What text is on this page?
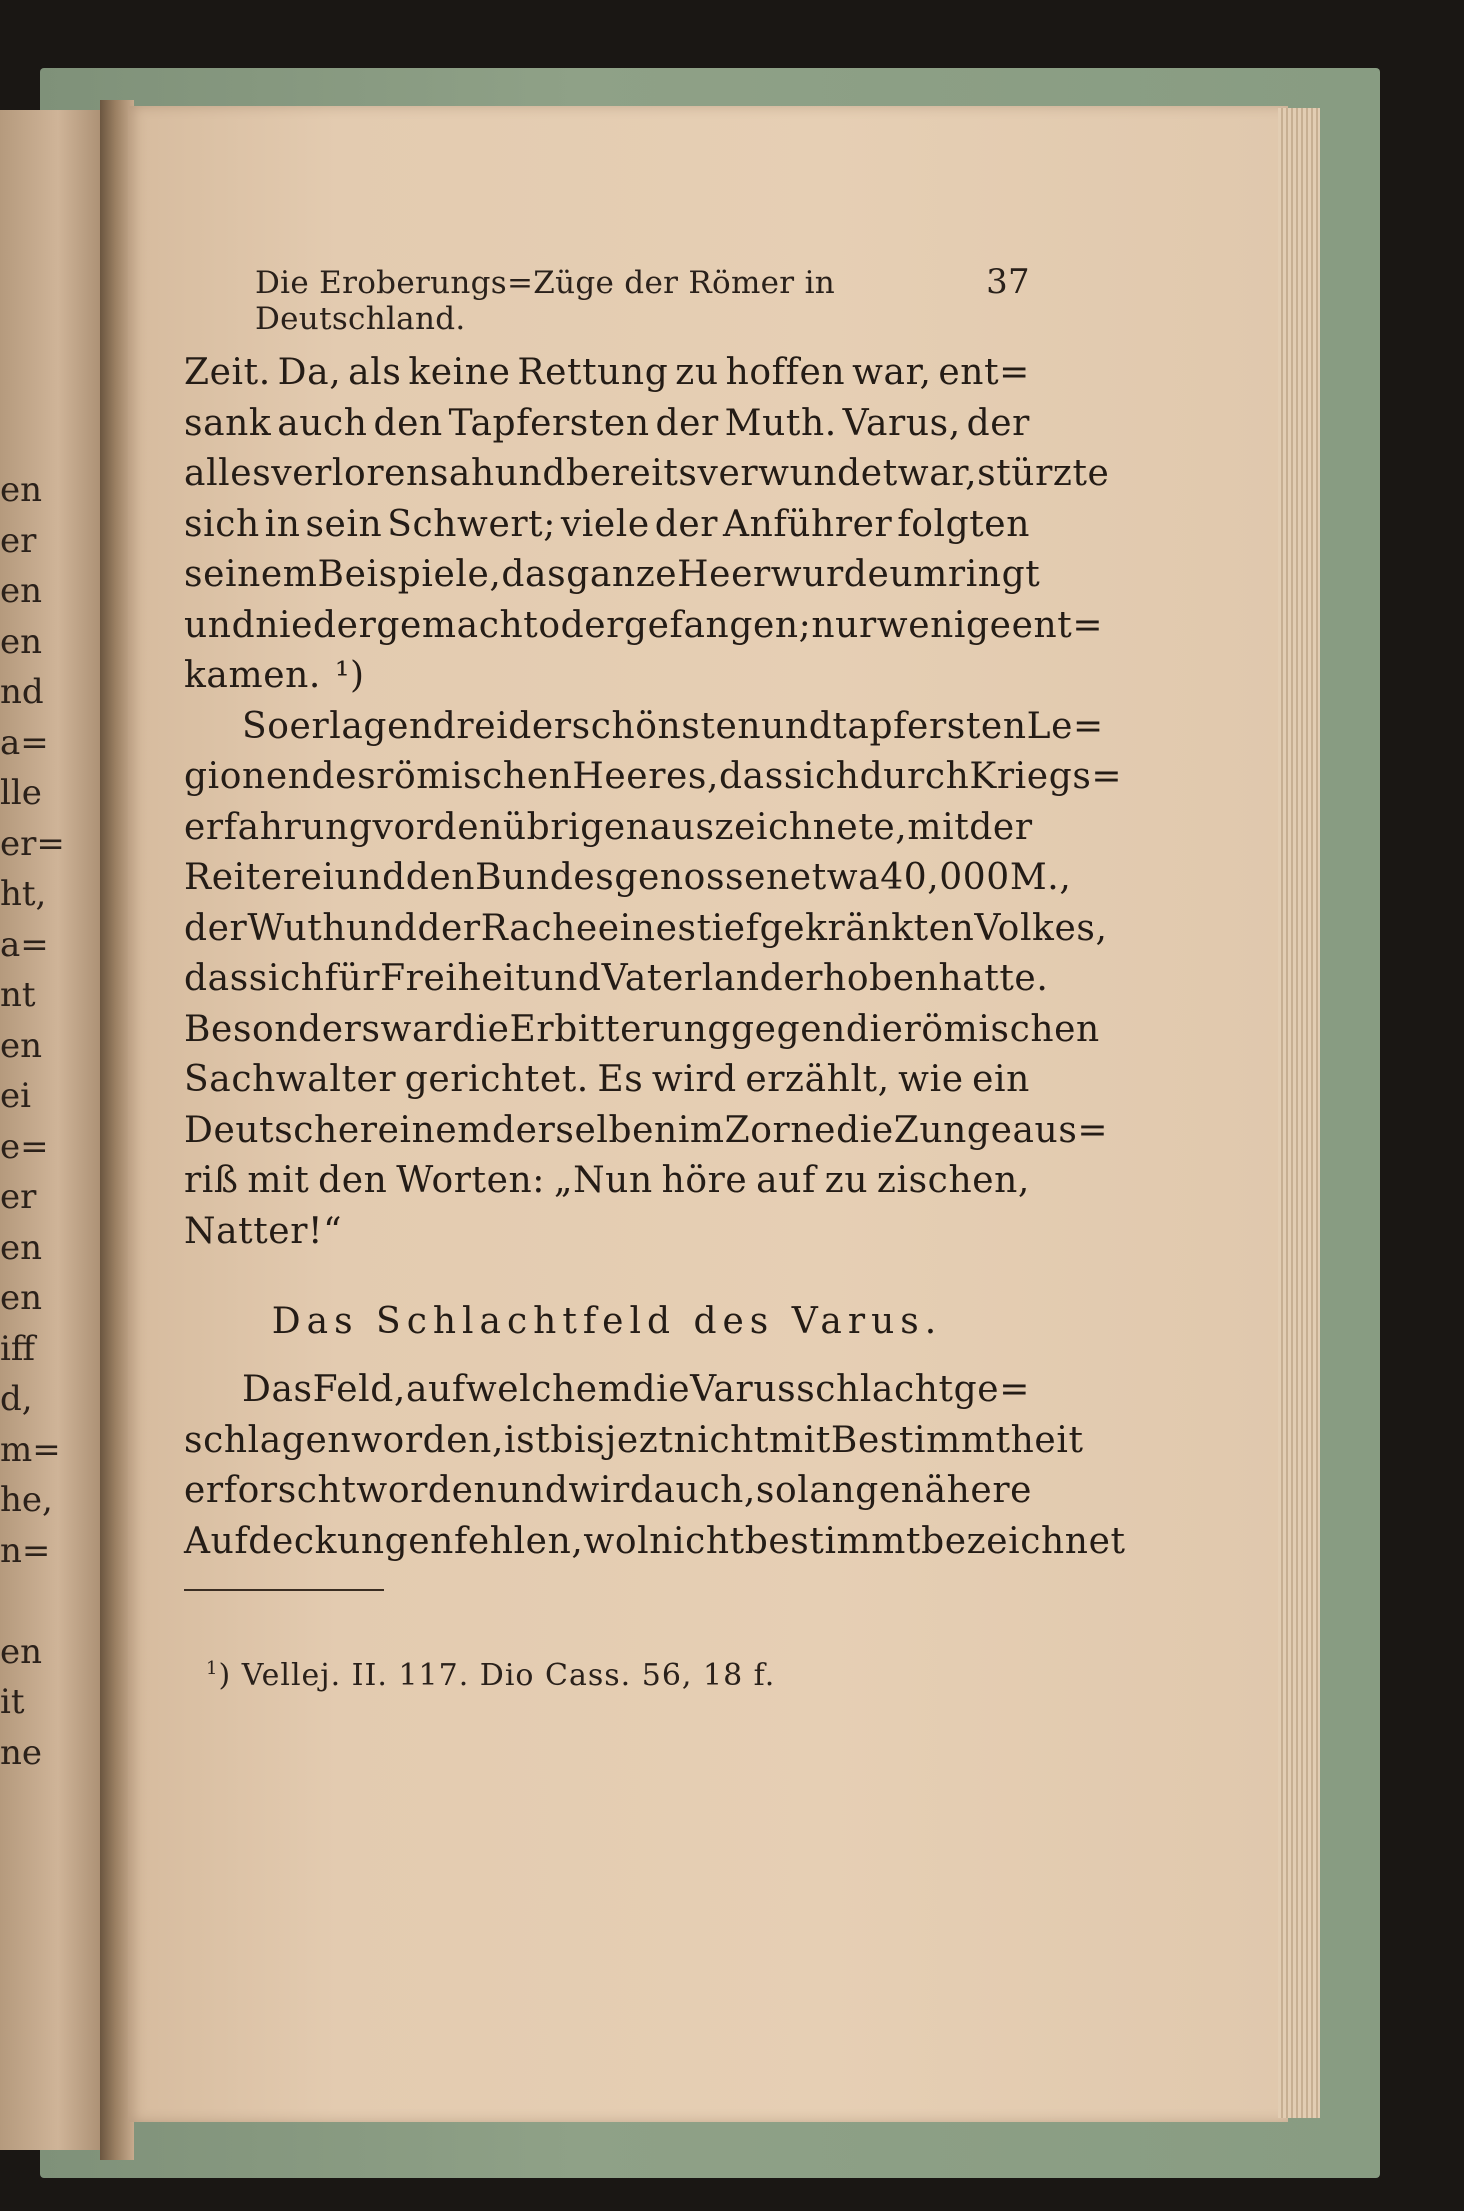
en
er
en
en
nd
a=
lle
er=
ht,
a=
nt
en
ei
e=
er
en
en
iff
d,
m=
he,
n=
en
it
ne
Die Eroberungs=Züge der Römer in Deutschland.
37
Zeit. Da, als keine Rettung zu hoffen war, ent=
sank auch den Tapfersten der Muth. Varus, der
alles verloren sah und bereits verwundet war, stürzte
sich in sein Schwert; viele der Anführer folgten
seinem Beispiele, das ganze Heer wurde umringt
und niedergemacht oder gefangen; nur wenige ent=
kamen. ¹)
So erlagen drei der schönsten und tapfersten Le=
gionen des römischen Heeres, das sich durch Kriegs=
erfahrung vor den übrigen auszeichnete, mit der
Reiterei und den Bundesgenossen etwa 40,000 M.,
der Wuth und der Rache eines tiefgekränkten Volkes,
das sich für Freiheit und Vaterland erhoben hatte.
Besonders war die Erbitterung gegen die römischen
Sachwalter gerichtet. Es wird erzählt, wie ein
Deutscher einem derselben im Zorne die Zunge aus=
riß mit den Worten: „Nun höre auf zu zischen,
Natter!“
Das Schlachtfeld des Varus.
Das Feld, auf welchem die Varusschlacht ge=
schlagen worden, ist bis jezt nicht mit Bestimmtheit
erforscht worden und wird auch, so lange nähere
Aufdeckungen fehlen, wol nicht bestimmt bezeichnet
$^1$) Vellej. II. 117. Dio Cass. 56, 18 f.
